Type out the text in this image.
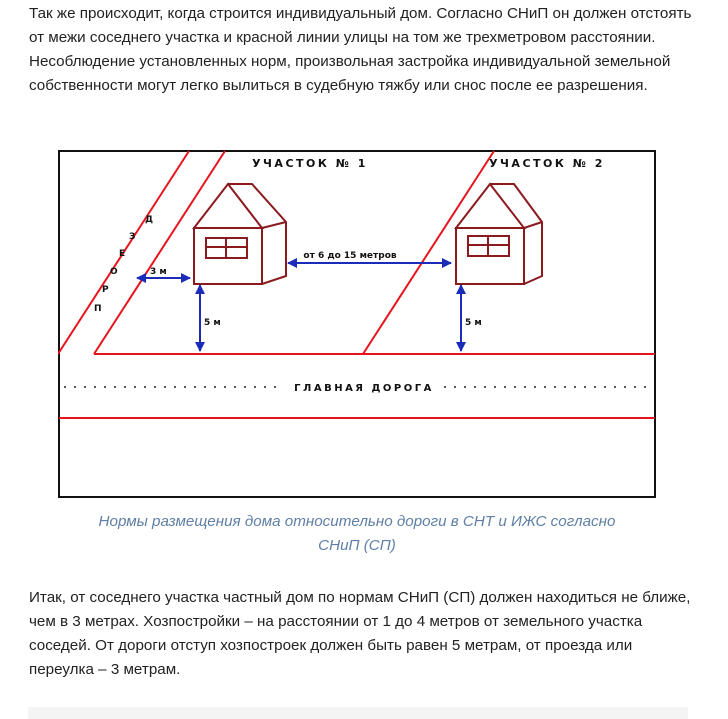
Так же происходит, когда строится индивидуальный дом. Согласно СНиП он должен отстоять от межи соседнего участка и красной линии улицы на том же трехметровом расстоянии. Несоблюдение установленных норм, произвольная застройка индивидуальной земельной собственности могут легко вылиться в судебную тяжбу или снос после ее разрешения.

ГЛАВНАЯ ДОРОГА
УЧАСТОК № 1	УЧАСТОК № 2
Д
З
Е
О
Р
П
3 м
от 6 до 15 метров
5 м	5 м

Нормы размещения дома относительно дороги в СНТ и ИЖС согласно
СНиП (СП)

Итак, от соседнего участка частный дом по нормам СНиП (СП) должен находиться не ближе, чем в 3 метрах. Хозпостройки – на расстоянии от 1 до 4 метров от земельного участка соседей. От дороги отступ хозпостроек должен быть равен 5 метрам, от проезда или переулка – 3 метрам.
